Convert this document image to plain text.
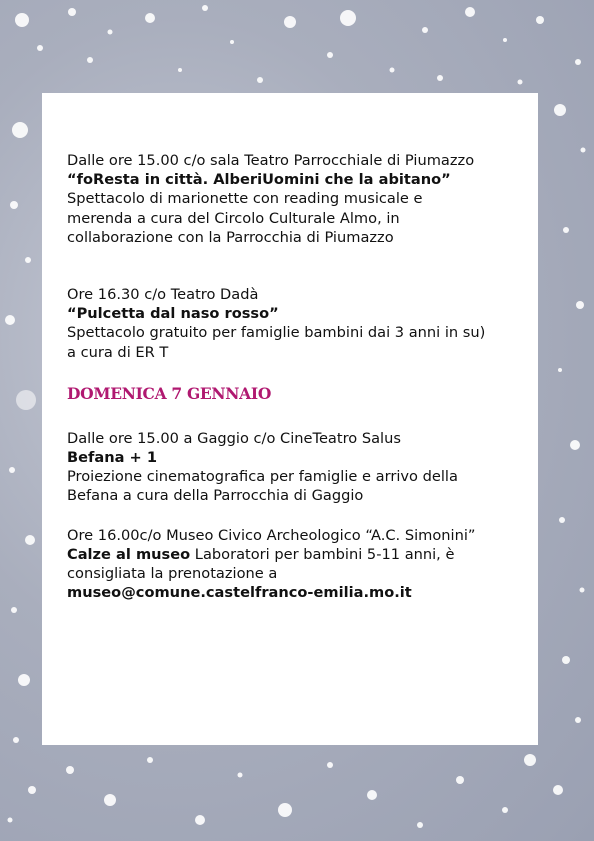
Dalle ore 15.00 c/o sala Teatro Parrocchiale di Piumazzo

“foResta in città. AlberiUomini che la abitano”

Spettacolo di marionette con reading musicale e

merenda a cura del Circolo Culturale Almo, in

collaborazione con la Parrocchia di Piumazzo

Ore 16.30 c/o Teatro Dadà

“Pulcetta dal naso rosso”

Spettacolo gratuito per famiglie bambini dai 3 anni in su)

a cura di ER T

DOMENICA 7 GENNAIO

Dalle ore 15.00 a Gaggio c/o CineTeatro Salus

Befana + 1

Proiezione cinematografica per famiglie e arrivo della

Befana a cura della Parrocchia di Gaggio

Ore 16.00c/o Museo Civico Archeologico “A.C. Simonini”

Calze al museo Laboratori per bambini 5-11 anni, è

consigliata la prenotazione a

museo@comune.castelfranco-emilia.mo.it
